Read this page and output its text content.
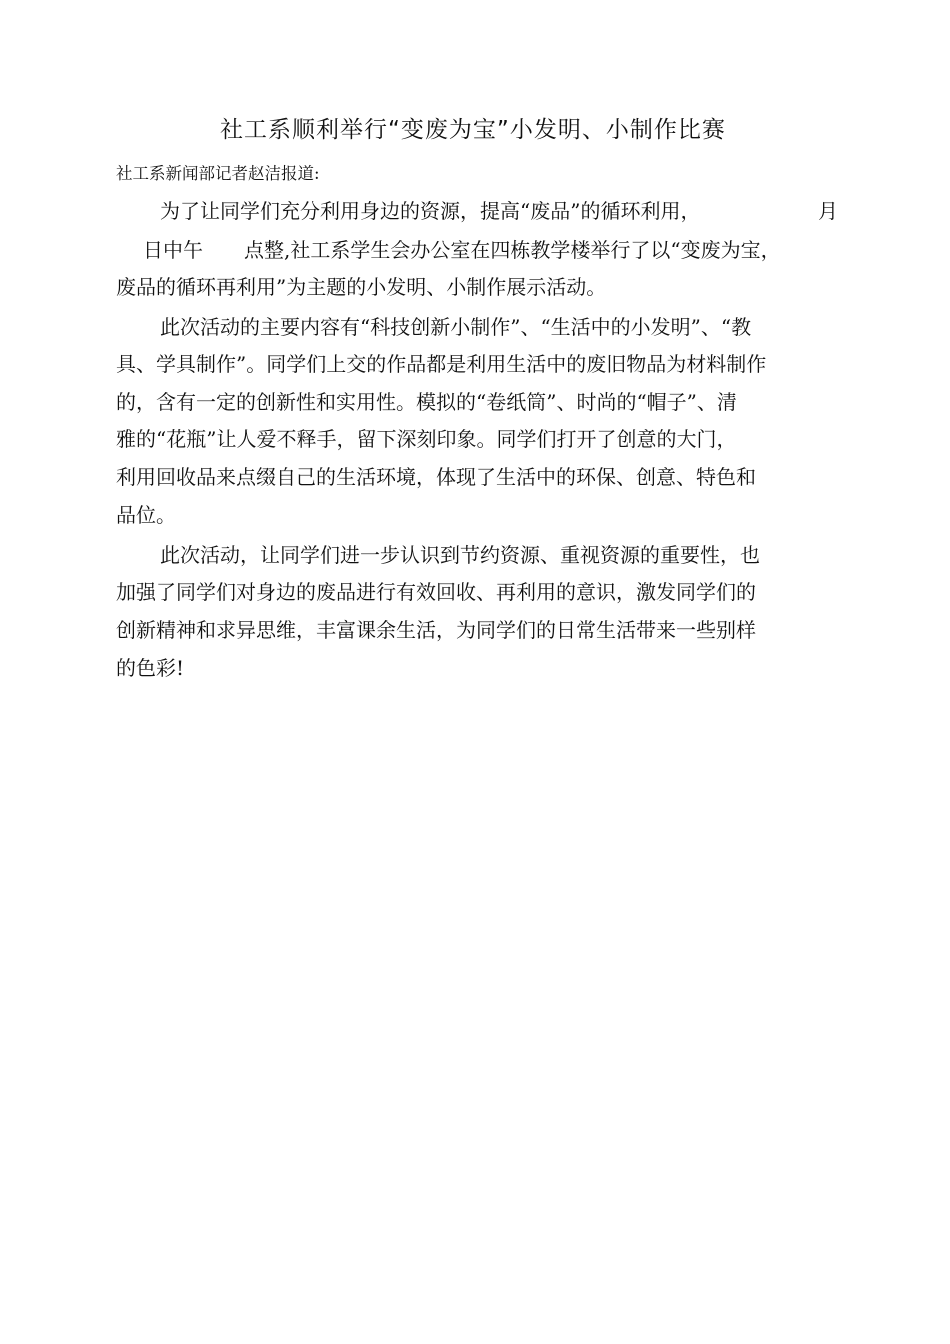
社工系顺利举行“变废为宝”小发明、小制作比赛
社工系新闻部记者赵洁报道:
为了让同学们充分利用身边的资源，提高“废品”的循环利用，	月
日中午 点整,社工系学生会办公室在四栋教学楼举行了以“变废为宝，
废品的循环再利用”为主题的小发明、小制作展示活动。
此次活动的主要内容有“科技创新小制作”、“生活中的小发明”、“教
具、学具制作”。同学们上交的作品都是利用生活中的废旧物品为材料制作
的，含有一定的创新性和实用性。模拟的“卷纸筒”、时尚的“帽子”、清
雅的“花瓶”让人爱不释手，留下深刻印象。同学们打开了创意的大门，
利用回收品来点缀自己的生活环境，体现了生活中的环保、创意、特色和
品位。
此次活动，让同学们进一步认识到节约资源、重视资源的重要性，也
加强了同学们对身边的废品进行有效回收、再利用的意识，激发同学们的
创新精神和求异思维，丰富课余生活，为同学们的日常生活带来一些别样
的色彩!
